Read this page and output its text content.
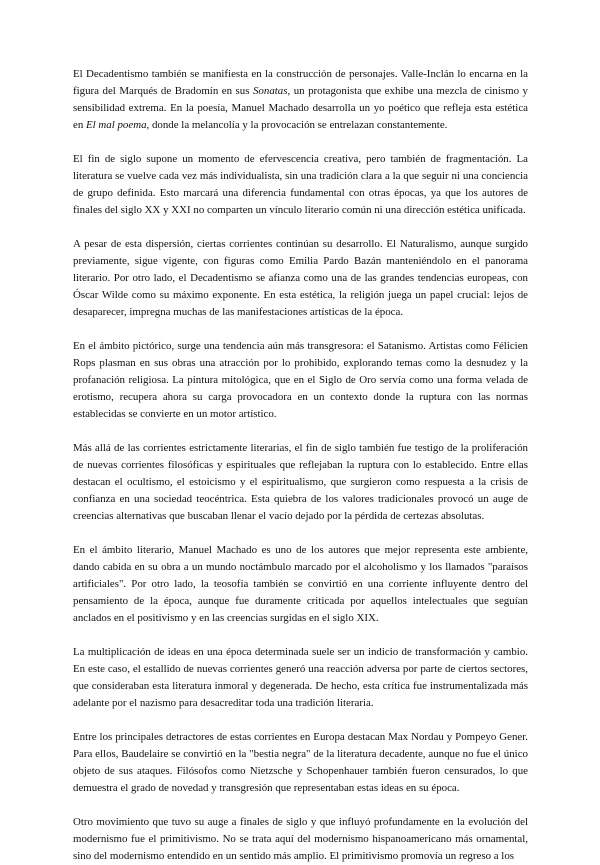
El Decadentismo también se manifiesta en la construcción de personajes. Valle-Inclán lo encarna en la figura del Marqués de Bradomín en sus Sonatas, un protagonista que exhibe una mezcla de cinismo y sensibilidad extrema. En la poesía, Manuel Machado desarrolla un yo poético que refleja esta estética en El mal poema, donde la melancolía y la provocación se entrelazan constantemente.

El fin de siglo supone un momento de efervescencia creativa, pero también de fragmentación. La literatura se vuelve cada vez más individualista, sin una tradición clara a la que seguir ni una conciencia de grupo definida. Esto marcará una diferencia fundamental con otras épocas, ya que los autores de finales del siglo XX y XXI no comparten un vínculo literario común ni una dirección estética unificada.

A pesar de esta dispersión, ciertas corrientes continúan su desarrollo. El Naturalismo, aunque surgido previamente, sigue vigente, con figuras como Emilia Pardo Bazán manteniéndolo en el panorama literario. Por otro lado, el Decadentismo se afianza como una de las grandes tendencias europeas, con Óscar Wilde como su máximo exponente. En esta estética, la religión juega un papel crucial: lejos de desaparecer, impregna muchas de las manifestaciones artísticas de la época.

En el ámbito pictórico, surge una tendencia aún más transgresora: el Satanismo. Artistas como Félicien Rops plasman en sus obras una atracción por lo prohibido, explorando temas como la desnudez y la profanación religiosa. La pintura mitológica, que en el Siglo de Oro servía como una forma velada de erotismo, recupera ahora su carga provocadora en un contexto donde la ruptura con las normas establecidas se convierte en un motor artístico.

Más allá de las corrientes estrictamente literarias, el fin de siglo también fue testigo de la proliferación de nuevas corrientes filosóficas y espirituales que reflejaban la ruptura con lo establecido. Entre ellas destacan el ocultismo, el estoicismo y el espiritualismo, que surgieron como respuesta a la crisis de confianza en una sociedad teocéntrica. Esta quiebra de los valores tradicionales provocó un auge de creencias alternativas que buscaban llenar el vacío dejado por la pérdida de certezas absolutas.

En el ámbito literario, Manuel Machado es uno de los autores que mejor representa este ambiente, dando cabida en su obra a un mundo noctámbulo marcado por el alcoholismo y los llamados "paraísos artificiales". Por otro lado, la teosofía también se convirtió en una corriente influyente dentro del pensamiento de la época, aunque fue duramente criticada por aquellos intelectuales que seguían anclados en el positivismo y en las creencias surgidas en el siglo XIX.

La multiplicación de ideas en una época determinada suele ser un indicio de transformación y cambio. En este caso, el estallido de nuevas corrientes generó una reacción adversa por parte de ciertos sectores, que consideraban esta literatura inmoral y degenerada. De hecho, esta crítica fue instrumentalizada más adelante por el nazismo para desacreditar toda una tradición literaria.

Entre los principales detractores de estas corrientes en Europa destacan Max Nordau y Pompeyo Gener. Para ellos, Baudelaire se convirtió en la "bestia negra" de la literatura decadente, aunque no fue el único objeto de sus ataques. Filósofos como Nietzsche y Schopenhauer también fueron censurados, lo que demuestra el grado de novedad y transgresión que representaban estas ideas en su época.

Otro movimiento que tuvo su auge a finales de siglo y que influyó profundamente en la evolución del modernismo fue el primitivismo. No se trata aquí del modernismo hispanoamericano más ornamental, sino del modernismo entendido en un sentido más amplio. El primitivismo promovía un regreso a los
